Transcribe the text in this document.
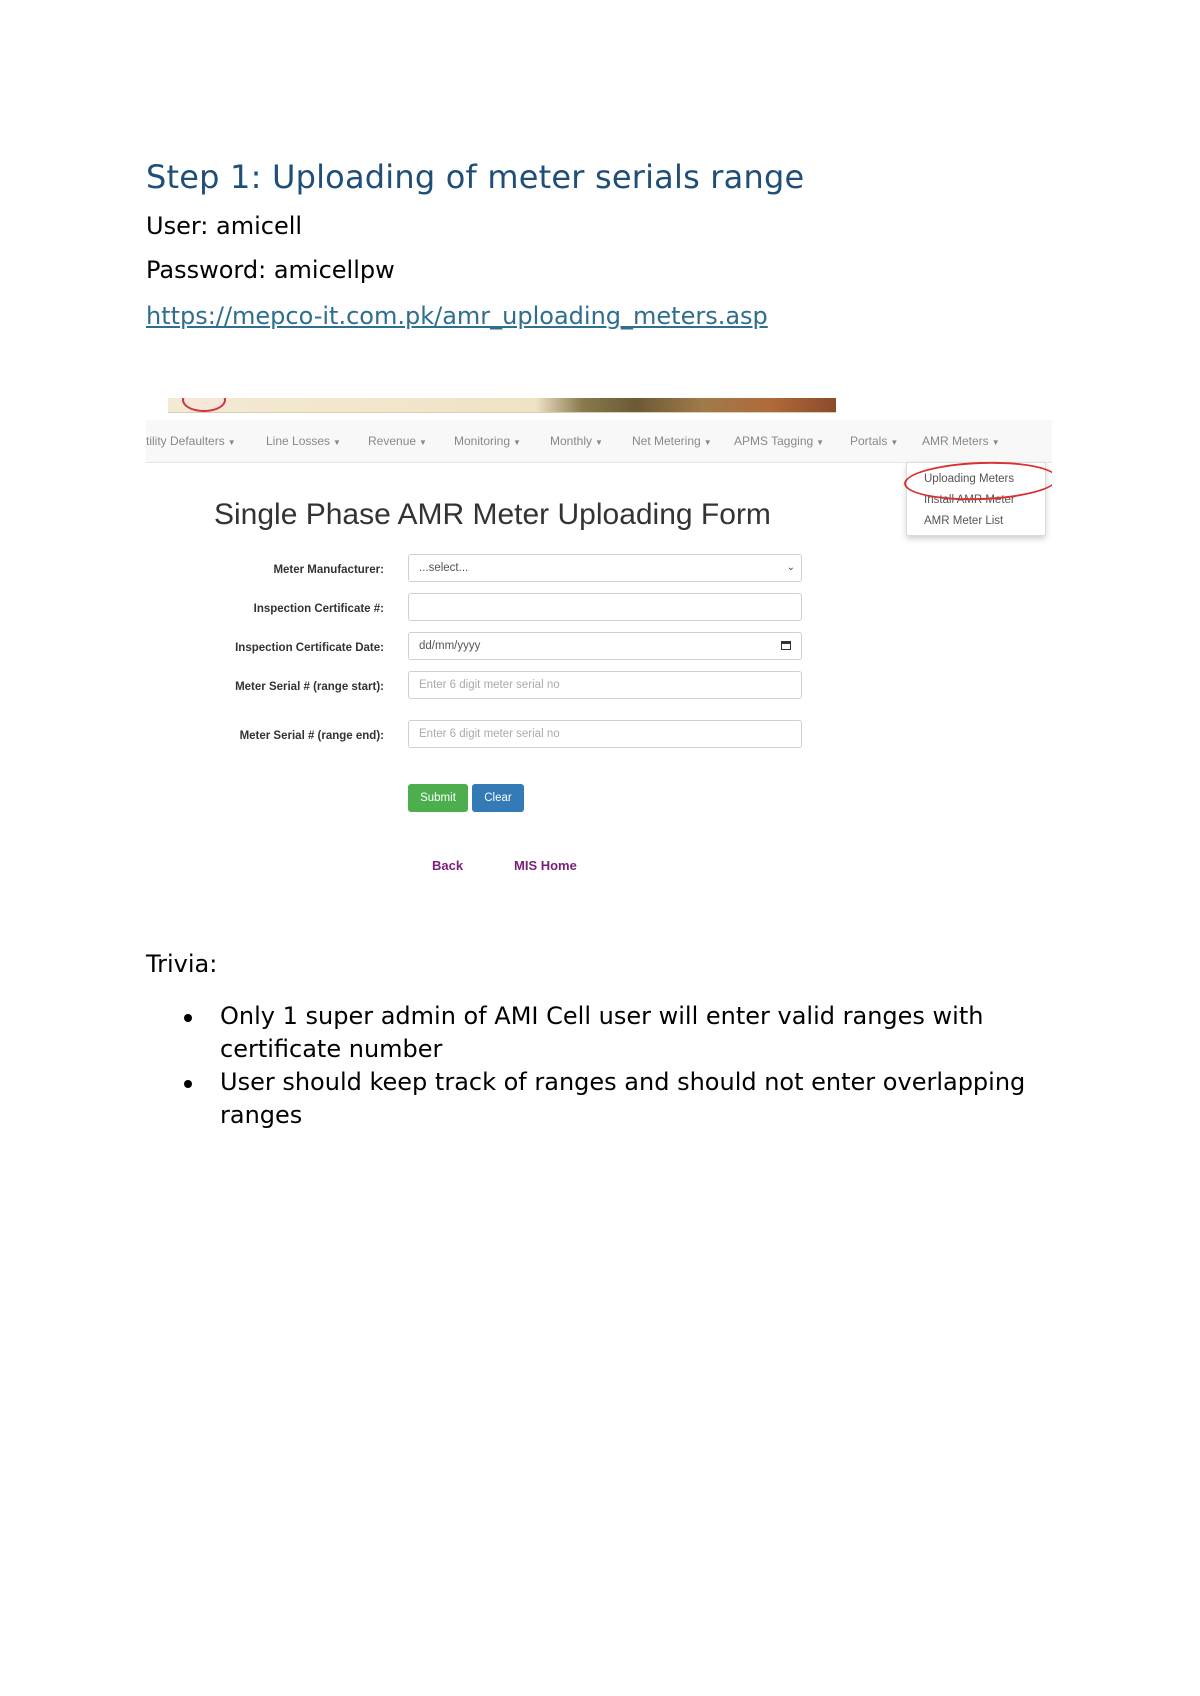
Step 1: Uploading of meter serials range

User: amicell

Password: amicellpw

https://mepco-it.com.pk/amr_uploading_meters.asp
tility Defaulters ▼	Line Losses ▼ Revenue ▼ Monitoring ▼ Monthly ▼ Net Metering ▼ APMS Tagging ▼ Portals ▼ AMR Meters ▼
Uploading Meters
Install AMR Meter
AMR Meter List
Single Phase AMR Meter Uploading Form
Meter Manufacturer:	...select...	⌄
Inspection Certificate #:
Inspection Certificate Date:	dd/mm/yyyy
Meter Serial # (range start):	Enter 6 digit meter serial no
Meter Serial # (range end):	Enter 6 digit meter serial no
Submit	Clear
Back	MIS Home

Trivia:

Only 1 super admin of AMI Cell user will enter valid ranges with certificate number
User should keep track of ranges and should not enter overlapping ranges
